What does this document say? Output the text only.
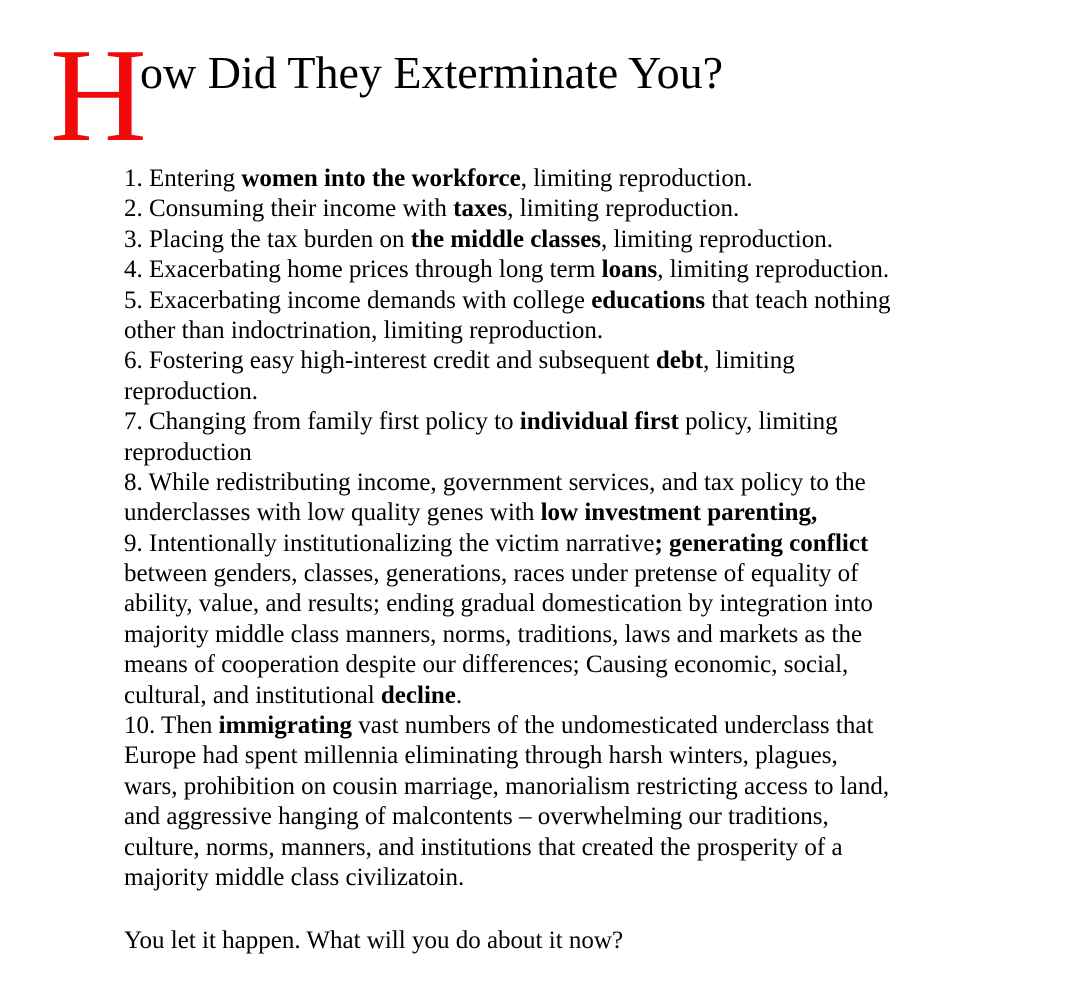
H
ow Did They Exterminate You?
1. Entering women into the workforce, limiting reproduction.
2. Consuming their income with taxes, limiting reproduction.
3. Placing the tax burden on the middle classes, limiting reproduction.
4. Exacerbating home prices through long term loans, limiting reproduction.
5. Exacerbating income demands with college educations that teach nothing
other than indoctrination, limiting reproduction.
6. Fostering easy high-interest credit and subsequent debt, limiting
reproduction.
7. Changing from family first policy to individual first policy, limiting
reproduction
8. While redistributing income, government services, and tax policy to the
underclasses with low quality genes with low investment parenting,
9. Intentionally institutionalizing the victim narrative; generating conflict
between genders, classes, generations, races under pretense of equality of
ability, value, and results; ending gradual domestication by integration into
majority middle class manners, norms, traditions, laws and markets as the
means of cooperation despite our differences; Causing economic, social,
cultural, and institutional decline.
10. Then immigrating vast numbers of the undomesticated underclass that
Europe had spent millennia eliminating through harsh winters, plagues,
wars, prohibition on cousin marriage, manorialism restricting access to land,
and aggressive hanging of malcontents – overwhelming our traditions,
culture, norms, manners, and institutions that created the prosperity of a
majority middle class civilizatoin.
You let it happen. What will you do about it now?
